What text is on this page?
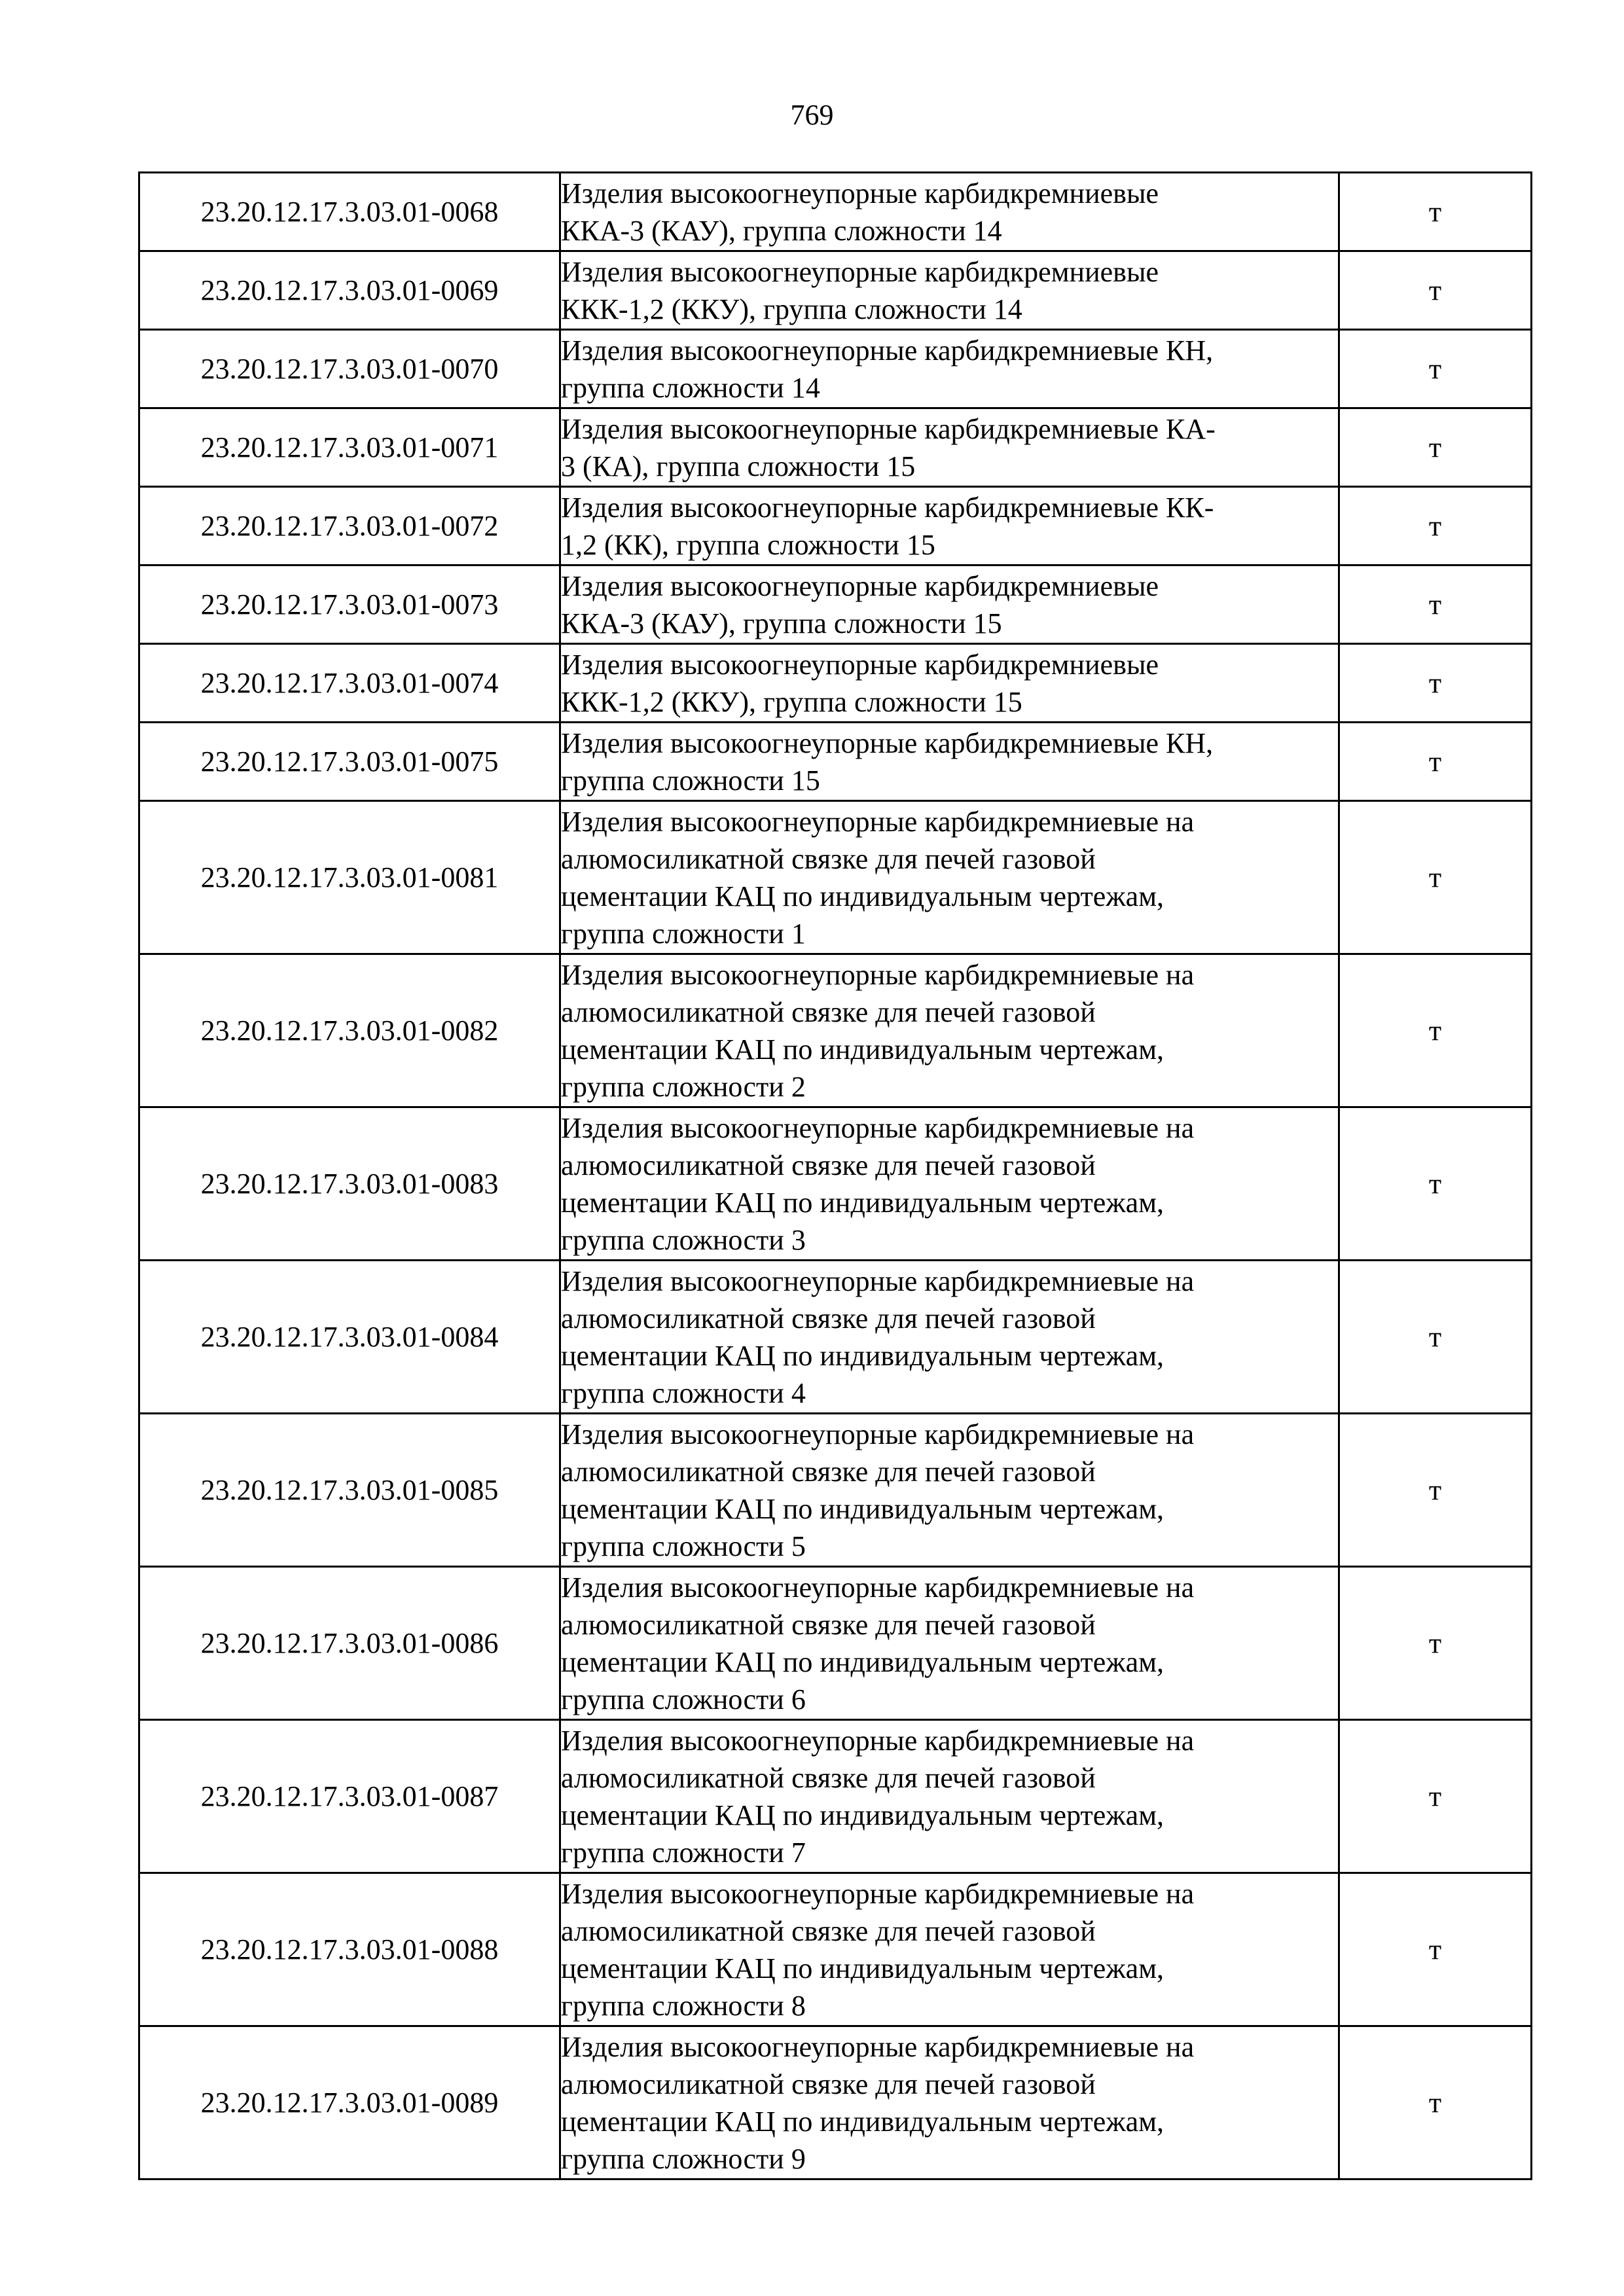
769
23.20.12.17.3.03.01-0068	Изделия высокоогнеупорные карбидкремниевые
ККА-3 (КАУ), группа сложности 14	т
23.20.12.17.3.03.01-0069	Изделия высокоогнеупорные карбидкремниевые
ККК-1,2 (ККУ), группа сложности 14	т
23.20.12.17.3.03.01-0070	Изделия высокоогнеупорные карбидкремниевые КН,
группа сложности 14	т
23.20.12.17.3.03.01-0071	Изделия высокоогнеупорные карбидкремниевые КА-
3 (КА), группа сложности 15	т
23.20.12.17.3.03.01-0072	Изделия высокоогнеупорные карбидкремниевые КК-
1,2 (КК), группа сложности 15	т
23.20.12.17.3.03.01-0073	Изделия высокоогнеупорные карбидкремниевые
ККА-3 (КАУ), группа сложности 15	т
23.20.12.17.3.03.01-0074	Изделия высокоогнеупорные карбидкремниевые
ККК-1,2 (ККУ), группа сложности 15	т
23.20.12.17.3.03.01-0075	Изделия высокоогнеупорные карбидкремниевые КН,
группа сложности 15	т
23.20.12.17.3.03.01-0081	Изделия высокоогнеупорные карбидкремниевые на
алюмосиликатной связке для печей газовой
цементации КАЦ по индивидуальным чертежам,
группа сложности 1	т
23.20.12.17.3.03.01-0082	Изделия высокоогнеупорные карбидкремниевые на
алюмосиликатной связке для печей газовой
цементации КАЦ по индивидуальным чертежам,
группа сложности 2	т
23.20.12.17.3.03.01-0083	Изделия высокоогнеупорные карбидкремниевые на
алюмосиликатной связке для печей газовой
цементации КАЦ по индивидуальным чертежам,
группа сложности 3	т
23.20.12.17.3.03.01-0084	Изделия высокоогнеупорные карбидкремниевые на
алюмосиликатной связке для печей газовой
цементации КАЦ по индивидуальным чертежам,
группа сложности 4	т
23.20.12.17.3.03.01-0085	Изделия высокоогнеупорные карбидкремниевые на
алюмосиликатной связке для печей газовой
цементации КАЦ по индивидуальным чертежам,
группа сложности 5	т
23.20.12.17.3.03.01-0086	Изделия высокоогнеупорные карбидкремниевые на
алюмосиликатной связке для печей газовой
цементации КАЦ по индивидуальным чертежам,
группа сложности 6	т
23.20.12.17.3.03.01-0087	Изделия высокоогнеупорные карбидкремниевые на
алюмосиликатной связке для печей газовой
цементации КАЦ по индивидуальным чертежам,
группа сложности 7	т
23.20.12.17.3.03.01-0088	Изделия высокоогнеупорные карбидкремниевые на
алюмосиликатной связке для печей газовой
цементации КАЦ по индивидуальным чертежам,
группа сложности 8	т
23.20.12.17.3.03.01-0089	Изделия высокоогнеупорные карбидкремниевые на
алюмосиликатной связке для печей газовой
цементации КАЦ по индивидуальным чертежам,
группа сложности 9	т
